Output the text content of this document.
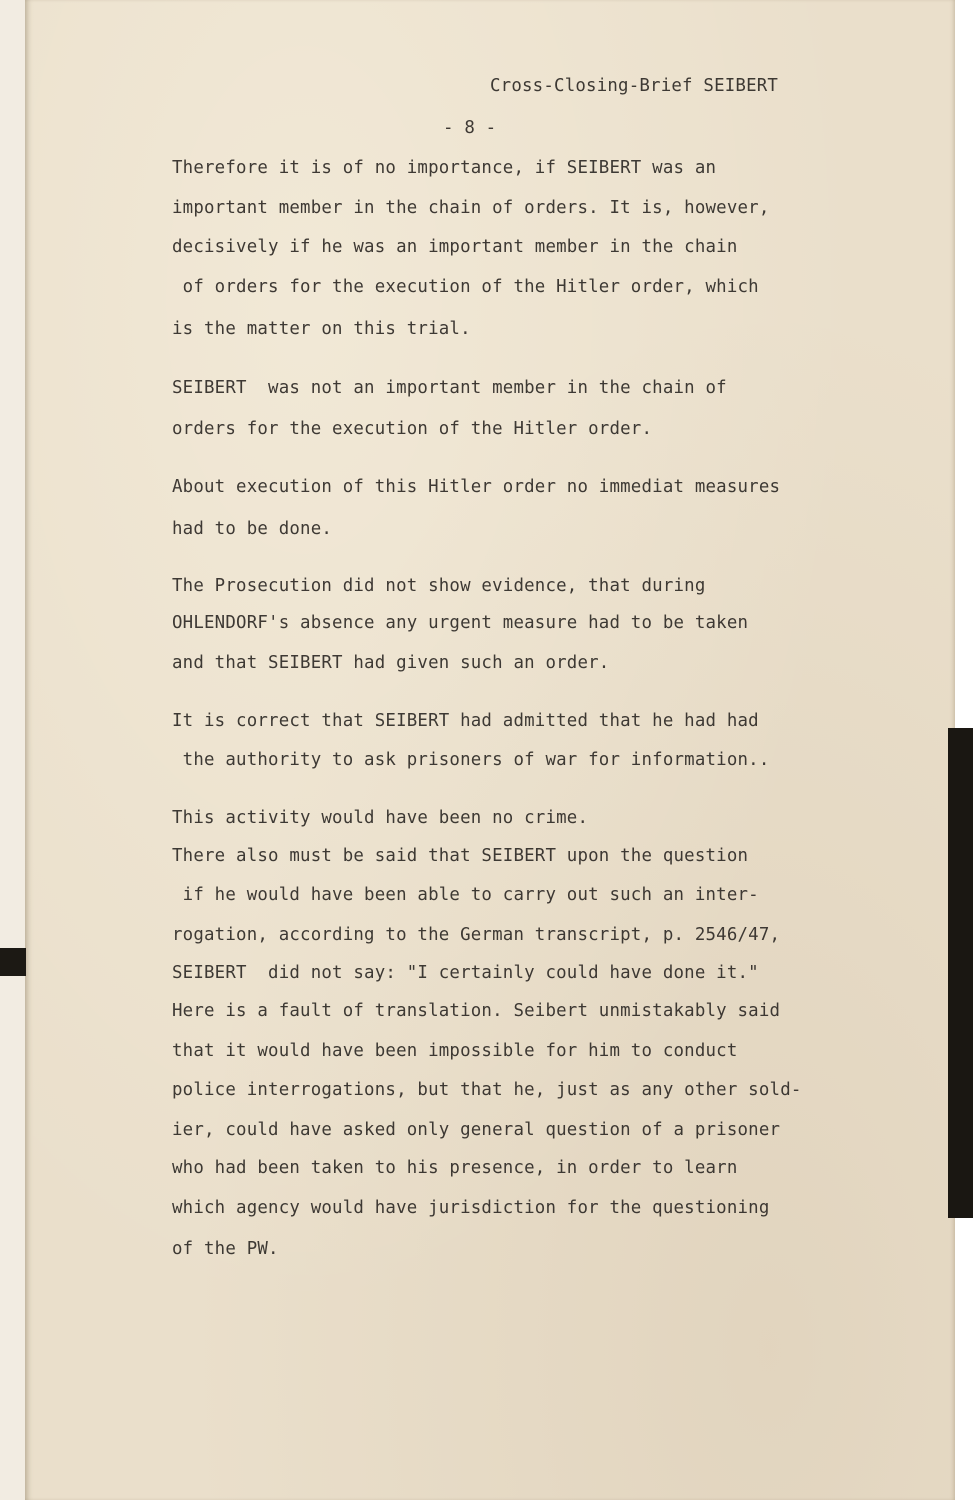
Cross-Closing-Brief SEIBERT
- 8 -
Therefore it is of no importance, if SEIBERT was an
important member in the chain of orders. It is, however,
decisively if he was an important member in the chain
of orders for the execution of the Hitler order, which
is the matter on this trial.
SEIBERT  was not an important member in the chain of
orders for the execution of the Hitler order.
About execution of this Hitler order no immediat measures
had to be done.
The Prosecution did not show evidence, that during
OHLENDORF's absence any urgent measure had to be taken
and that SEIBERT had given such an order.
It is correct that SEIBERT had admitted that he had had
the authority to ask prisoners of war for information..
This activity would have been no crime.
There also must be said that SEIBERT upon the question
if he would have been able to carry out such an inter-
rogation, according to the German transcript, p. 2546/47,
SEIBERT  did not say: "I certainly could have done it."
Here is a fault of translation. Seibert unmistakably said
that it would have been impossible for him to conduct
police interrogations, but that he, just as any other sold-
ier, could have asked only general question of a prisoner
who had been taken to his presence, in order to learn
which agency would have jurisdiction for the questioning
of the PW.
